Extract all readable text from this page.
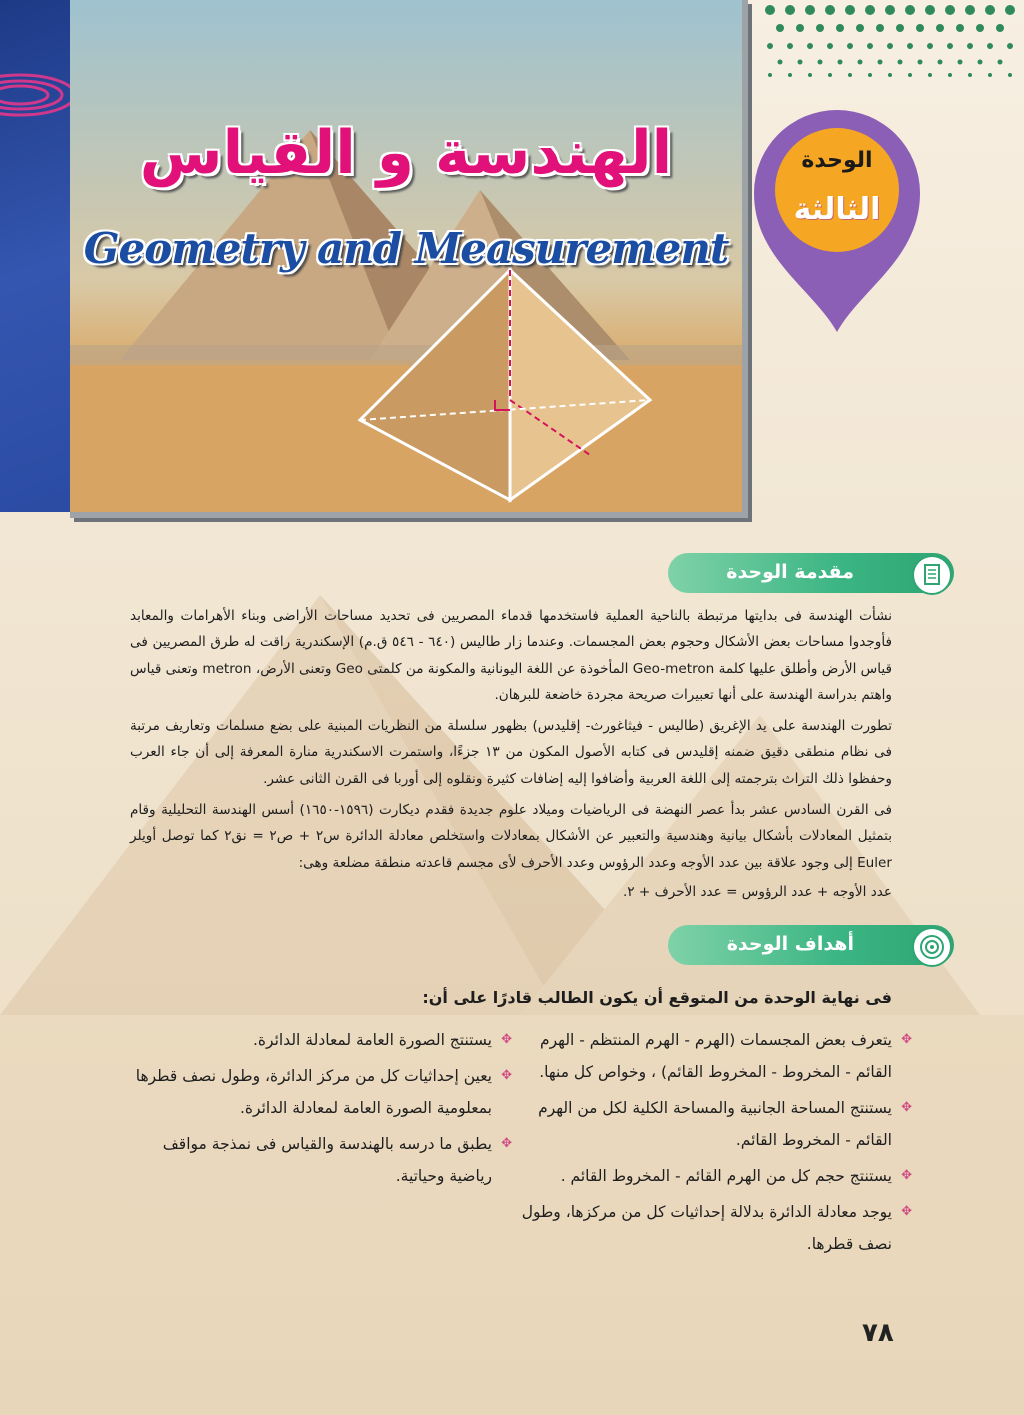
الهندسة و القياس
Geometry and Measurement
الوحدة
الثالثة
مقدمة الوحدة
نشأت الهندسة فى بدايتها مرتبطة بالناحية العملية فاستخدمها قدماء المصريين فى تحديد مساحات الأراضى وبناء الأهرامات والمعابد فأوجدوا مساحات بعض الأشكال وحجوم بعض المجسمات. وعندما زار طاليس (٦٤٠ - ٥٤٦ ق.م) الإسكندرية راقت له طرق المصريين فى قياس الأرض وأطلق عليها كلمة Geo-metron المأخوذة عن اللغة اليونانية والمكونة من كلمتى Geo وتعنى الأرض، metron وتعنى قياس واهتم بدراسة الهندسة على أنها تعبيرات صريحة مجردة خاضعة للبرهان.
تطورت الهندسة على يد الإغريق (طاليس - فيثاغورث- إقليدس) بظهور سلسلة من النظريات المبنية على بضع مسلمات وتعاريف مرتبة فى نظام منطقى دقيق ضمنه إقليدس فى كتابه الأصول المكون من ١٣ جزءًا، واستمرت الاسكندرية منارة المعرفة إلى أن جاء العرب وحفظوا ذلك التراث بترجمته إلى اللغة العربية وأضافوا إليه إضافات كثيرة ونقلوه إلى أوربا فى القرن الثانى عشر.
فى القرن السادس عشر بدأ عصر النهضة فى الرياضيات وميلاد علوم جديدة فقدم ديكارت (١٥٩٦-١٦٥٠) أسس الهندسة التحليلية وقام بتمثيل المعادلات بأشكال بيانية وهندسية والتعبير عن الأشكال بمعادلات واستخلص معادلة الدائرة س٢ + ص٢ = نق٢ كما توصل أويلر Euler إلى وجود علاقة بين عدد الأوجه وعدد الرؤوس وعدد الأحرف لأى مجسم قاعدته منطقة مضلعة وهى:
عدد الأوجه + عدد الرؤوس = عدد الأحرف + ٢.
أهداف الوحدة
فى نهاية الوحدة من المتوقع أن يكون الطالب قادرًا على أن:
✥
يتعرف بعض المجسمات (الهرم - الهرم المنتظم - الهرم القائم - المخروط - المخروط القائم) ، وخواص كل منها.
✥
يستنتج المساحة الجانبية والمساحة الكلية لكل من الهرم القائم - المخروط القائم.
✥
يستنتج حجم كل من الهرم القائم - المخروط القائم .
✥
يوجد معادلة الدائرة بدلالة إحداثيات كل من مركزها، وطول نصف قطرها.
✥
يستنتج الصورة العامة لمعادلة الدائرة.
✥
يعين إحداثيات كل من مركز الدائرة، وطول نصف قطرها بمعلومية الصورة العامة لمعادلة الدائرة.
✥
يطبق ما درسه بالهندسة والقياس فى نمذجة مواقف رياضية وحياتية.
٧٨
